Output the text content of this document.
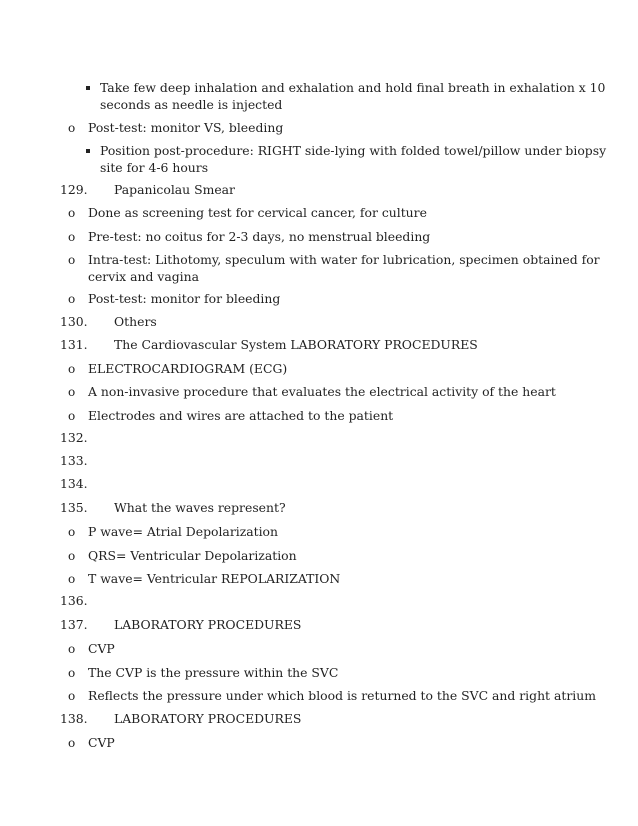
Take few deep inhalation and exhalation and hold final breath in exhalation x 10
seconds as needle is injected
o Post-test: monitor VS, bleeding
Position post-procedure: RIGHT side-lying with folded towel/pillow under biopsy
site for 4-6 hours
129. Papanicolau Smear
o Done as screening test for cervical cancer, for culture
o Pre-test: no coitus for 2-3 days, no menstrual bleeding
o Intra-test: Lithotomy, speculum with water for lubrication, specimen obtained for
cervix and vagina
o Post-test: monitor for bleeding
130. Others
131. The Cardiovascular System LABORATORY PROCEDURES
o ELECTROCARDIOGRAM (ECG)
o A non-invasive procedure that evaluates the electrical activity of the heart
o Electrodes and wires are attached to the patient
132.
133.
134.
135. What the waves represent?
o P wave= Atrial Depolarization
o QRS= Ventricular Depolarization
o T wave= Ventricular REPOLARIZATION
136.
137. LABORATORY PROCEDURES
o CVP
o The CVP is the pressure within the SVC
o Reflects the pressure under which blood is returned to the SVC and right atrium
138. LABORATORY PROCEDURES
o CVP
